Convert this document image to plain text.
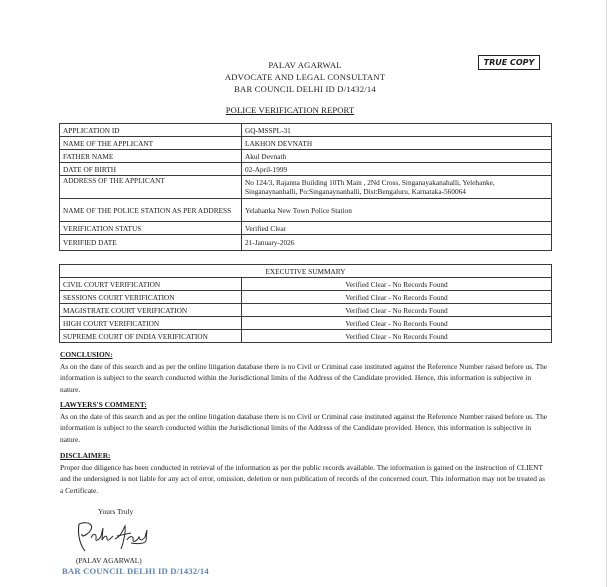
PALAV AGARWAL
ADVOCATE AND LEGAL CONSULTANT
BAR COUNCIL DELHI ID D/1432/14
TRUE COPY
POLICE VERIFICATION REPORT
APPLICATION ID	GQ-MSSPL-31
NAME OF THE APPLICANT	LAKHON DEVNATH
FATHER NAME	Akul Devnath
DATE OF BIRTH	02-April-1999
ADDRESS OF THE APPLICANT	No 124/3, Rajanna Building 10Th Main , 2Nd Cross, Singanayakanahalli, Yelehanke, Singanaynanhalli, Po:Singanaynanhalli, Dist:Bengaluru, Karnataka-560064
NAME OF THE POLICE STATION AS PER ADDRESS	Yelahanka New Town Police Station
VERIFICATION STATUS	Verified Clear
VERIFIED DATE	21-January-2026
EXECUTIVE SUMMARY	
CIVIL COURT VERIFICATION	Verified Clear - No Records Found
SESSIONS COURT VERIFICATION	Verified Clear - No Records Found
MAGISTRATE COURT VERIFICATION	Verified Clear - No Records Found
HIGH COURT VERIFICATION	Verified Clear - No Records Found
SUPREME COURT OF INDIA VERIFICATION	Verified Clear - No Records Found
CONCLUSION:
As on the date of this search and as per the online litigation database there is no Civil or Criminal case instituted against the Reference Number raised before us. The information is subject to the search conducted within the Jurisdictional limits of the Address of the Candidate provided. Hence, this information is subjective in nature.
LAWYERS'S COMMENT:
As on the date of this search and as per the online litigation database there is no Civil or Criminal case instituted against the Reference Number raised before us. The information is subject to the search conducted within the Jurisdictional limits of the Address of the Candidate provided. Hence, this information is subjective in nature.
DISCLAIMER:
Proper due diligence has been conducted in retrieval of the information as per the public records available. The information is gained on the instruction of CLIENT and the undersigned is not liable for any act of error, omission, deletion or non publication of records of the concerned court. This information may not be treated as a Certificate.
Yours Truly
(PALAV AGARWAL)
BAR COUNCIL DELHI ID D/1432/14
